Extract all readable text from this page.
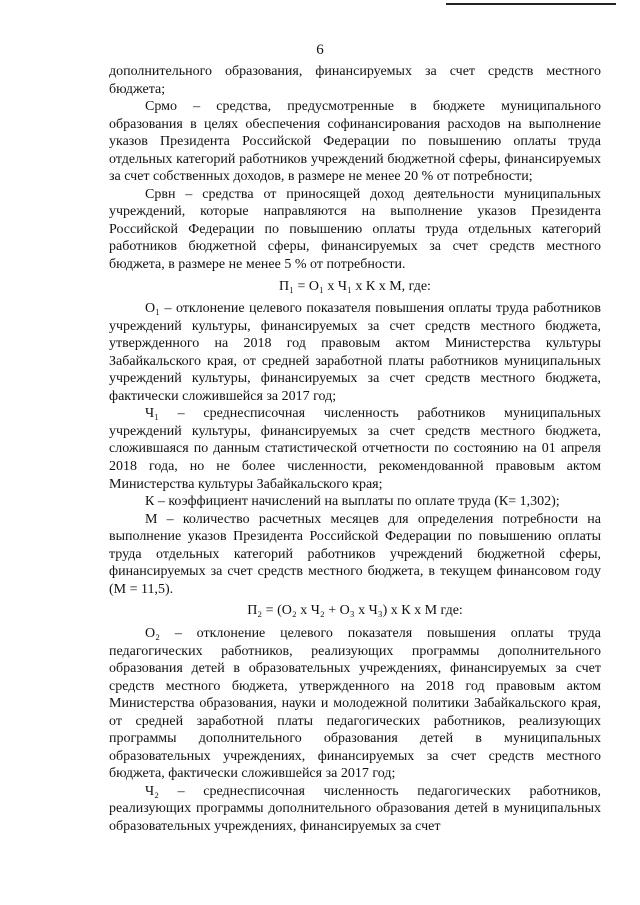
6

дополнительного образования, финансируемых за счет средств местного бюджета;

Срмо – средства, предусмотренные в бюджете муниципального образования в целях обеспечения софинансирования расходов на выполнение указов Президента Российской Федерации по повышению оплаты труда отдельных категорий работников учреждений бюджетной сферы, финансируемых за счет собственных доходов, в размере не менее 20 % от потребности;

Срвн – средства от приносящей доход деятельности муниципальных учреждений, которые направляются на выполнение указов Президента Российской Федерации по повышению оплаты труда отдельных категорий работников бюджетной сферы, финансируемых за счет средств местного бюджета, в размере не менее 5 % от потребности.

П₁ = О₁ х Ч₁ х К х М, где:

О₁ – отклонение целевого показателя повышения оплаты труда работников учреждений культуры, финансируемых за счет средств местного бюджета, утвержденного на 2018 год правовым актом Министерства культуры Забайкальского края, от средней заработной платы работников муниципальных учреждений культуры, финансируемых за счет средств местного бюджета, фактически сложившейся за 2017 год;

Ч₁ – среднесписочная численность работников муниципальных учреждений культуры, финансируемых за счет средств местного бюджета, сложившаяся по данным статистической отчетности по состоянию на 01 апреля 2018 года, но не более численности, рекомендованной правовым актом Министерства культуры Забайкальского края;

К – коэффициент начислений на выплаты по оплате труда (К= 1,302);

М – количество расчетных месяцев для определения потребности на выполнение указов Президента Российской Федерации по повышению оплаты труда отдельных категорий работников учреждений бюджетной сферы, финансируемых за счет средств местного бюджета, в текущем финансовом году (М = 11,5).

П₂ = (О₂ х Ч₂ + О₃ х Ч₃) х К х М где:

О₂ – отклонение целевого показателя повышения оплаты труда педагогических работников, реализующих программы дополнительного образования детей в образовательных учреждениях, финансируемых за счет средств местного бюджета, утвержденного на 2018 год правовым актом Министерства образования, науки и молодежной политики Забайкальского края, от средней заработной платы педагогических работников, реализующих программы дополнительного образования детей в муниципальных образовательных учреждениях, финансируемых за счет средств местного бюджета, фактически сложившейся за 2017 год;

Ч₂ – среднесписочная численность педагогических работников, реализующих программы дополнительного образования детей в муниципальных образовательных учреждениях, финансируемых за счет
